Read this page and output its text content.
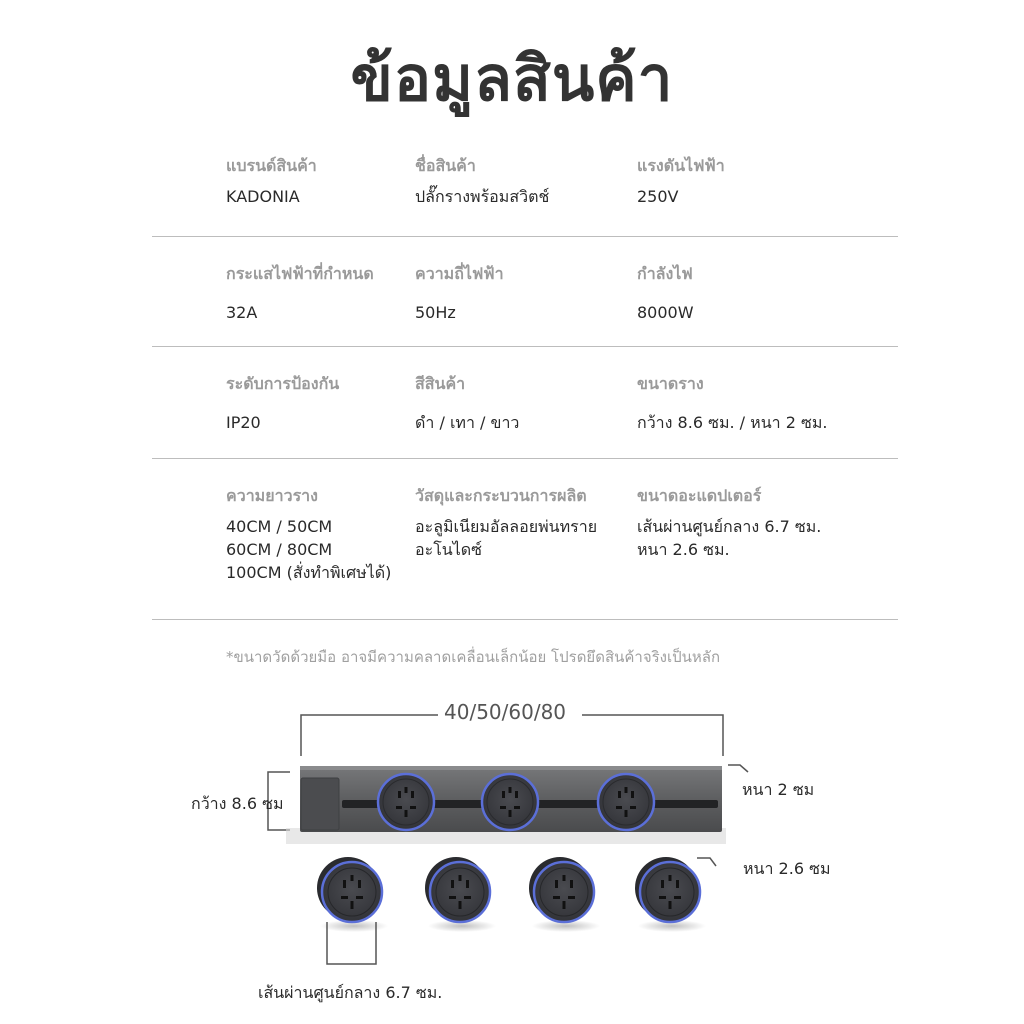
ข้อมูลสินค้า
แบรนด์สินค้า
KADONIA
ชื่อสินค้า
ปลั๊กรางพร้อมสวิตช์
แรงดันไฟฟ้า
250V
กระแสไฟฟ้าที่กำหนด
32A
ความถี่ไฟฟ้า
50Hz
กำลังไฟ
8000W
ระดับการป้องกัน
IP20
สีสินค้า
ดำ / เทา / ขาว
ขนาดราง
กว้าง 8.6 ซม. / หนา 2 ซม.
ความยาวราง
40CM / 50CM
60CM / 80CM
100CM (สั่งทำพิเศษได้)
วัสดุและกระบวนการผลิต
อะลูมิเนียมอัลลอยพ่นทราย
อะโนไดซ์
ขนาดอะแดปเตอร์
เส้นผ่านศูนย์กลาง 6.7 ซม.
หนา 2.6 ซม.
*ขนาดวัดด้วยมือ อาจมีความคลาดเคลื่อนเล็กน้อย โปรดยึดสินค้าจริงเป็นหลัก
40/50/60/80
กว้าง 8.6 ซม
หนา 2 ซม
หนา 2.6 ซม
เส้นผ่านศูนย์กลาง 6.7 ซม.
